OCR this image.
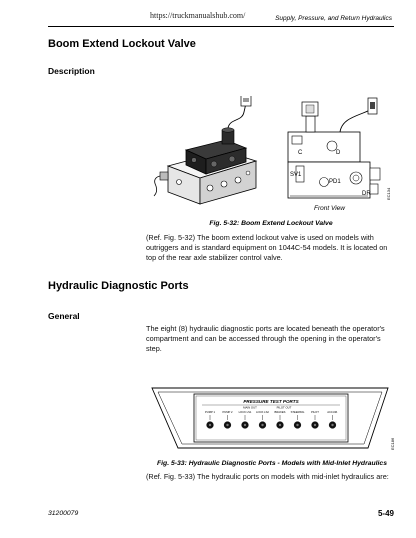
https://truckmanualshub.com/	Supply, Pressure, and Return Hydraulics
Boom Extend Lockout Valve
Description
C	D
SV1
PD1
DR
Front View
EC134
Fig. 5-32: Boom Extend Lockout Valve
(Ref. Fig. 5-32) The boom extend lockout valve is used on models with outriggers and is standard equipment on 1044C-54 models. It is located on top of the rear axle stabilizer control valve.
Hydraulic Diagnostic Ports
General
The eight (8) hydraulic diagnostic ports are located beneath the operator's compartment and can be accessed through the opening in the operator's step.
PRESSURE TEST PORTS
MAIN OUT	PILOT OUT
PUMP 1	PUMP 2 LOCK LS1 LOCK LS2 BRAKES STEERING PILOT	ACCUM.
EC186
Fig. 5-33: Hydraulic Diagnostic Ports - Models with Mid-Inlet Hydraulics
(Ref. Fig. 5-33) The hydraulic ports on models with mid-inlet hydraulics are:
31200079	5-49
